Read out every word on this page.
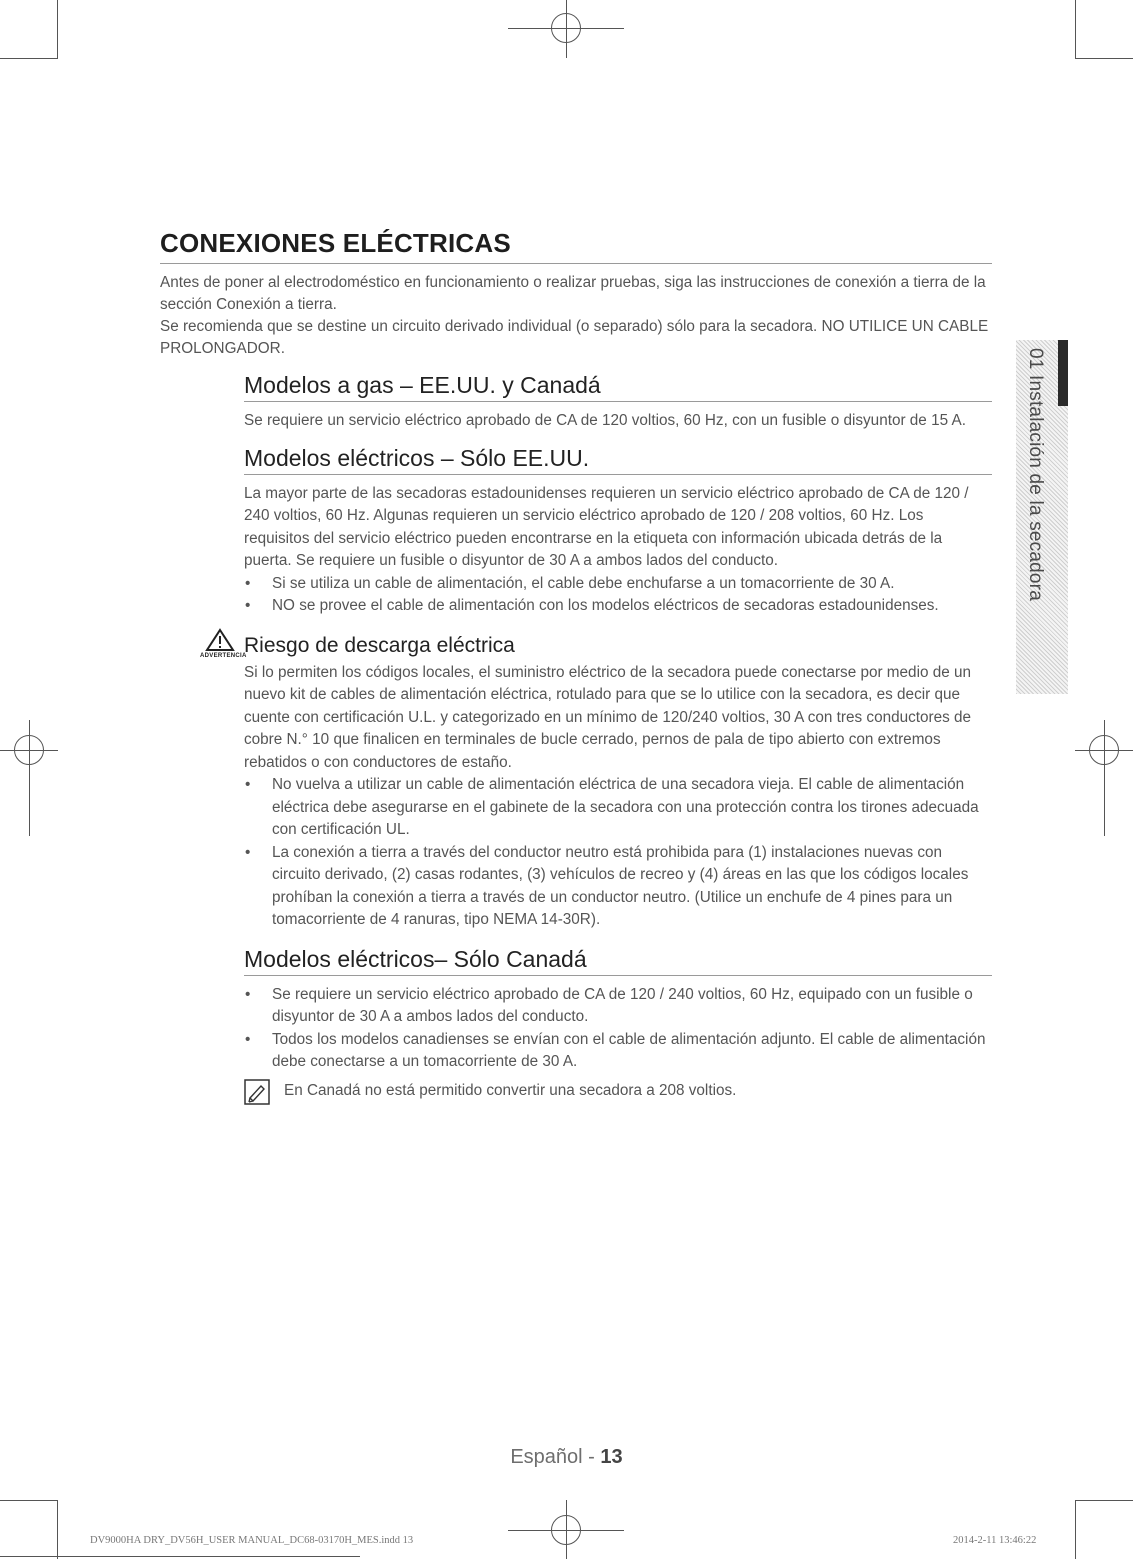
CONEXIONES ELÉCTRICAS

Antes de poner al electrodoméstico en funcionamiento o realizar pruebas, siga las instrucciones de conexión a tierra de la sección Conexión a tierra.

Se recomienda que se destine un circuito derivado individual (o separado) sólo para la secadora. NO UTILICE UN CABLE PROLONGADOR.

Modelos a gas – EE.UU. y Canadá

Se requiere un servicio eléctrico aprobado de CA de 120 voltios, 60 Hz, con un fusible o disyuntor de 15 A.

Modelos eléctricos – Sólo EE.UU.

La mayor parte de las secadoras estadounidenses requieren un servicio eléctrico aprobado de CA de 120 / 240 voltios, 60 Hz. Algunas requieren un servicio eléctrico aprobado de 120 / 208 voltios, 60 Hz. Los requisitos del servicio eléctrico pueden encontrarse en la etiqueta con información ubicada detrás de la puerta. Se requiere un fusible o disyuntor de 30 A a ambos lados del conducto.

• Si se utiliza un cable de alimentación, el cable debe enchufarse a un tomacorriente de 30 A.
• NO se provee el cable de alimentación con los modelos eléctricos de secadoras estadounidenses.
ADVERTENCIA
Riesgo de descarga eléctrica

Si lo permiten los códigos locales, el suministro eléctrico de la secadora puede conectarse por medio de un nuevo kit de cables de alimentación eléctrica, rotulado para que se lo utilice con la secadora, es decir que cuente con certificación U.L. y categorizado en un mínimo de 120/240 voltios, 30 A con tres conductores de cobre N.° 10 que finalicen en terminales de bucle cerrado, pernos de pala de tipo abierto con extremos rebatidos o con conductores de estaño.

• No vuelva a utilizar un cable de alimentación eléctrica de una secadora vieja. El cable de alimentación eléctrica debe asegurarse en el gabinete de la secadora con una protección contra los tirones adecuada con certificación UL.
• La conexión a tierra a través del conductor neutro está prohibida para (1) instalaciones nuevas con circuito derivado, (2) casas rodantes, (3) vehículos de recreo y (4) áreas en las que los códigos locales prohíban la conexión a tierra a través de un conductor neutro. (Utilice un enchufe de 4 pines para un tomacorriente de 4 ranuras, tipo NEMA 14-30R).
Modelos eléctricos– Sólo Canadá
• Se requiere un servicio eléctrico aprobado de CA de 120 / 240 voltios, 60 Hz, equipado con un fusible o disyuntor de 30 A a ambos lados del conducto.
• Todos los modelos canadienses se envían con el cable de alimentación adjunto. El cable de alimentación debe conectarse a un tomacorriente de 30 A.
En Canadá no está permitido convertir una secadora a 208 voltios.
01 Instalación de la secadora
Español - 13
DV9000HA DRY_DV56H_USER MANUAL_DC68-03170H_MES.indd 13	2014-2-11 13:46:22
